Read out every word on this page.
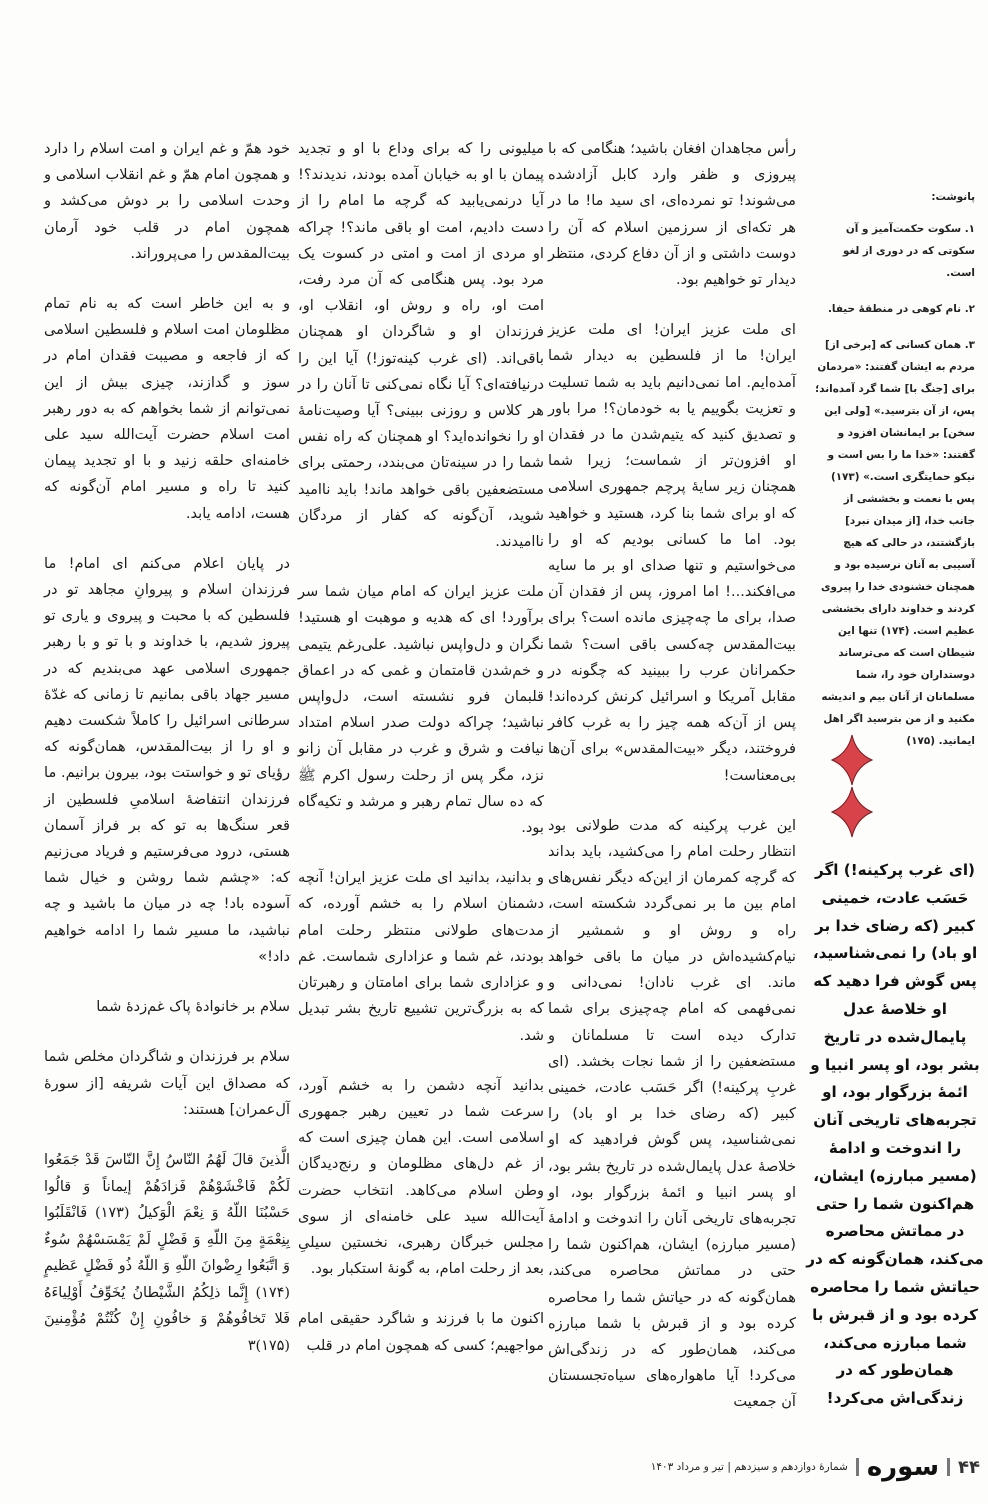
رأس مجاهدان افغان باشید؛ هنگامی که با پیروزی و ظفر وارد کابل آزادشده می‌شوند! تو نمرده‌ای، ای سید ما! ما در هر تکه‌ای از سرزمین اسلام که آن را دوست داشتی و از آن دفاع کردی، منتظر دیدار تو خواهیم بود.

ای ملت عزیز ایران! ای ملت عزیز ایران! ما از فلسطین به دیدار شما آمده‌ایم. اما نمی‌دانیم باید به شما تسلیت و تعزیت بگوییم یا به خودمان؟! مرا باور و تصدیق کنید که یتیم‌شدن ما در فقدان او افزون‌تر از شماست؛ زیرا شما همچنان زیر سایهٔ پرچم جمهوری اسلامی که او برای شما بنا کرد، هستید و خواهید بود. اما ما کسانی بودیم که او را می‌خواستیم و تنها صدای او بر ما سایه می‌افکند...! اما امروز، پس از فقدان آن صدا، برای ما چه‌چیزی مانده است؟ برای بیت‌المقدس چه‌کسی باقی است؟ شما حکمرانان عرب را ببینید که چگونه در مقابل آمریکا و اسرائیل کرنش کرده‌اند! پس از آن‌که همه چیز را به غرب کافر فروختند، دیگر «بیت‌المقدس» برای آن‌ها بی‌معناست!

این غرب پرکینه که مدت طولانی بود انتظار رحلت امام را می‌کشید، باید بداند که گرچه کمرمان از این‌که دیگر نفس‌های امام بین ما بر نمی‌گردد شکسته است، راه و روش او و شمشیر از نیام‌کشیده‌اش در میان ما باقی خواهد ماند. ای غرب نادان! نمی‌دانی و نمی‌فهمی که امام چه‌چیزی برای شما تدارک دیده است تا مسلمانان و مستضعفین را از شما نجات بخشد. (ای غربِ پرکینه!) اگر حَسَب عادت، خمینی کبیر (که رضای خدا بر او باد) را نمی‌شناسید، پس گوش فرادهید که او خلاصهٔ عدل پایمال‌شده در تاریخ بشر بود، او پسر انبیا و ائمهٔ بزرگوار بود، او تجربه‌های تاریخی آنان را اندوخت و ادامهٔ (مسیر مبارزه) ایشان، هم‌اکنون شما را حتی در مماتش محاصره می‌کند، همان‌گونه که در حیاتش شما را محاصره کرده بود و از قبرش با شما مبارزه می‌کند، همان‌طور که در زندگی‌اش می‌کرد! آیا ماهواره‌های سیاه‌تجسستان آن جمعیت

میلیونی را که برای وداع با او و تجدید پیمان با او به خیابان آمده بودند، ندیدند؟! آیا درنمی‌یابید که گرچه ما امام را از دست دادیم، امت او باقی ماند؟! چراکه او مردی از امت و امتی در کسوت یک مرد بود. پس هنگامی که آن مرد رفت، امت او، راه و روش او، انقلاب او، فرزندان او و شاگردان او همچنان باقی‌اند. (ای غرب کینه‌توز!) آیا این را درنیافته‌ای؟ آیا نگاه نمی‌کنی تا آنان را در هر کلاس و روزنی ببینی؟ آیا وصیت‌نامهٔ او را نخوانده‌اید؟ او همچنان که راه نفس شما را در سینه‌تان می‌بندد، رحمتی برای مستضعفین باقی خواهد ماند! باید ناامید شوید، آن‌گونه که کفار از مردگان ناامیدند.

ملت عزیز ایران که امام میان شما سر برآورد! ای که هدیه و موهبت او هستید! نگران و دل‌واپس نباشید. علی‌رغم یتیمی و خم‌شدن قامتمان و غمی که در اعماق قلبمان فرو نشسته است، دل‌واپس نباشید؛ چراکه دولت صدر اسلام امتداد نیافت و شرق و غرب در مقابل آن زانو نزد، مگر پس از رحلت رسول اکرم ﷺ که ده سال تمام رهبر و مرشد و تکیه‌گاه بود.

و بدانید، بدانید ای ملت عزیز ایران! آنچه دشمنان اسلام را به خشم آورده، که مدت‌های طولانی منتظر رحلت امام بودند، غم شما و عزاداری شماست. غم و عزاداری شما برای امامتان و رهبرتان که به بزرگ‌ترین تشییع تاریخ بشر تبدیل شد.

بدانید آنچه دشمن را به خشم آورد، سرعت شما در تعیین رهبر جمهوری اسلامی است. این همان چیزی است که از غم دل‌های مظلومان و رنج‌دیدگان وطن اسلام می‌کاهد. انتخاب حضرت آیت‌الله سید علی خامنه‌ای از سوی مجلس خبرگان رهبری، نخستین سیلیِ بعد از رحلت امام، به گونهٔ استکبار بود.

اکنون ما با فرزند و شاگرد حقیقی امام مواجهیم؛ کسی که همچون امام در قلب

خود همّ و غم ایران و امت اسلام را دارد و همچون امام همّ و غم انقلاب اسلامی و وحدت اسلامی را بر دوش می‌کشد و همچون امام در قلب خود آرمان بیت‌المقدس را می‌پروراند.

و به این خاطر است که به نام تمام مظلومان امت اسلام و فلسطین اسلامی که از فاجعه و مصیبت فقدان امام در سوز و گدازند، چیزی بیش از این نمی‌توانم از شما بخواهم که به دور رهبر امت اسلام حضرت آیت‌الله سید علی خامنه‌ای حلقه زنید و با او تجدید پیمان کنید تا راه و مسیر امام آن‌گونه که هست، ادامه یابد.

در پایان اعلام می‌کنم ای امام! ما فرزندان اسلام و پیروانِ مجاهد تو در فلسطین که با محبت و پیروی و یاری تو پیروز شدیم، با خداوند و با تو و با رهبر جمهوری اسلامی عهد می‌بندیم که در مسیر جهاد باقی بمانیم تا زمانی که غدّهٔ سرطانی اسرائیل را کاملاً شکست دهیم و او را از بیت‌المقدس، همان‌گونه که رؤیای تو و خواستت بود، بیرون برانیم. ما فرزندان انتفاضهٔ اسلامیِ فلسطین از قعر سنگ‌ها به تو که بر فراز آسمان هستی، درود می‌فرستیم و فریاد می‌زنیم که: «چشم شما روشن و خیال شما آسوده باد! چه در میان ما باشید و چه نباشید، ما مسیر شما را ادامه خواهیم داد!»

سلام بر خانوادهٔ پاک غم‌زدهٔ شما

سلام بر فرزندان و شاگردان مخلص شما که مصداق این آیات شریفه [از سورهٔ آل‌عمران] هستند:

الَّذینَ قالَ لَهُمُ النّاسُ إِنَّ النّاسَ قَدْ جَمَعُوا لَکُمْ فَاخْشَوْهُمْ فَزادَهُمْ إیماناً وَ قالُوا حَسْبُنَا اللّهُ وَ نِعْمَ الْوَکیلُ (۱۷۳) فَانْقَلَبُوا بِنِعْمَةٍ مِنَ اللّهِ وَ فَضْلٍ لَمْ یَمْسَسْهُمْ سُوءٌ وَ اتَّبَعُوا رِضْوانَ اللّهِ وَ اللّهُ ذُو فَضْلٍ عَظیمٍ (۱۷۴) إِنَّما ذلِکُمُ الشَّیْطانُ یُخَوِّفُ أَوْلِیاءَهُ فَلا تَخافُوهُمْ وَ خافُونِ إِنْ کُنْتُمْ مُؤْمِنینَ (۱۷۵)۳

پانوشت:
۱. سکوت حکمت‌آمیز و آن سکوتی که در دوری از لغو است.
۲. نام کوهی در منطقهٔ حیفا.
۳. همان کسانی که [برخی از] مردم به ایشان گفتند: «مردمان برای [جنگ با] شما گرد آمده‌اند؛ پس، از آن بترسید.» [ولی این سخن] بر ایمانشان افزود و گفتند: «خدا ما را بس است و نیکو حمایتگری است.» (۱۷۳) پس با نعمت و بخششی از جانب خدا، [از میدان نبرد] بازگشتند، در حالی که هیچ آسیبی به آنان نرسیده بود و همچنان خشنودی خدا را پیروی کردند و خداوند دارای بخششی عظیم است. (۱۷۴) تنها این شیطان است که می‌ترساند دوستداران خود را، شما مسلمانان از آنان بیم و اندیشه مکنید و از من بترسید اگر اهل ایمانید. (۱۷۵)
(ای غرب پرکینه!) اگر حَسَب عادت، خمینی کبیر (که رضای خدا بر او باد) را نمی‌شناسید، پس گوش فرا دهید که او خلاصهٔ عدل پایمال‌شده در تاریخ بشر بود، او پسر انبیا و ائمهٔ بزرگوار بود، او تجربه‌های تاریخی آنان را اندوخت و ادامهٔ (مسیر مبارزه) ایشان، هم‌اکنون شما را حتی در مماتش محاصره می‌کند، همان‌گونه که در حیاتش شما را محاصره کرده بود و از قبرش با شما مبارزه می‌کند، همان‌طور که در زندگی‌اش می‌کرد!
۴۴
سوره
شمارهٔ دوازدهم و سیزدهم | تیر و مرداد ۱۴۰۳
